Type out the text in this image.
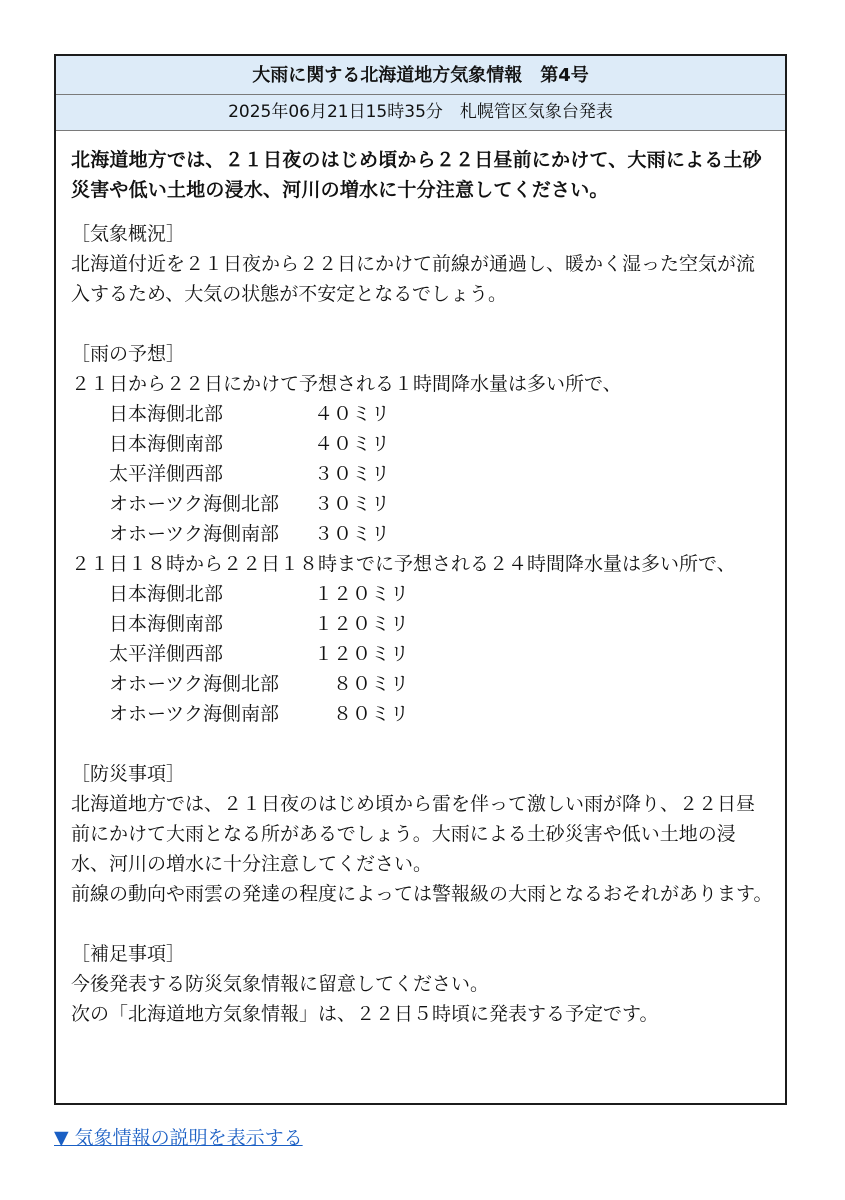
大雨に関する北海道地方気象情報　第4号
2025年06月21日15時35分　札幌管区気象台発表
北海道地方では、２１日夜のはじめ頃から２２日昼前にかけて、大雨による土砂災害や低い土地の浸水、河川の増水に十分注意してください。
［気象概況］
北海道付近を２１日夜から２２日にかけて前線が通過し、暖かく湿った空気が流入するため、大気の状態が不安定となるでしょう。
［雨の予想］
２１日から２２日にかけて予想される１時間降水量は多い所で、
日本海側北部	４０ミリ
日本海側南部	４０ミリ
太平洋側西部	３０ミリ
オホーツク海側北部 ３０ミリ
オホーツク海側南部 ３０ミリ
２１日１８時から２２日１８時までに予想される２４時間降水量は多い所で、
日本海側北部	１２０ミリ
日本海側南部	１２０ミリ
太平洋側西部	１２０ミリ
オホーツク海側北部　８０ミリ
オホーツク海側南部　８０ミリ
［防災事項］
北海道地方では、２１日夜のはじめ頃から雷を伴って激しい雨が降り、２２日昼前にかけて大雨となる所があるでしょう。大雨による土砂災害や低い土地の浸水、河川の増水に十分注意してください。
前線の動向や雨雲の発達の程度によっては警報級の大雨となるおそれがあります。
［補足事項］
今後発表する防災気象情報に留意してください。
次の「北海道地方気象情報」は、２２日５時頃に発表する予定です。
▼ 気象情報の説明を表示する
